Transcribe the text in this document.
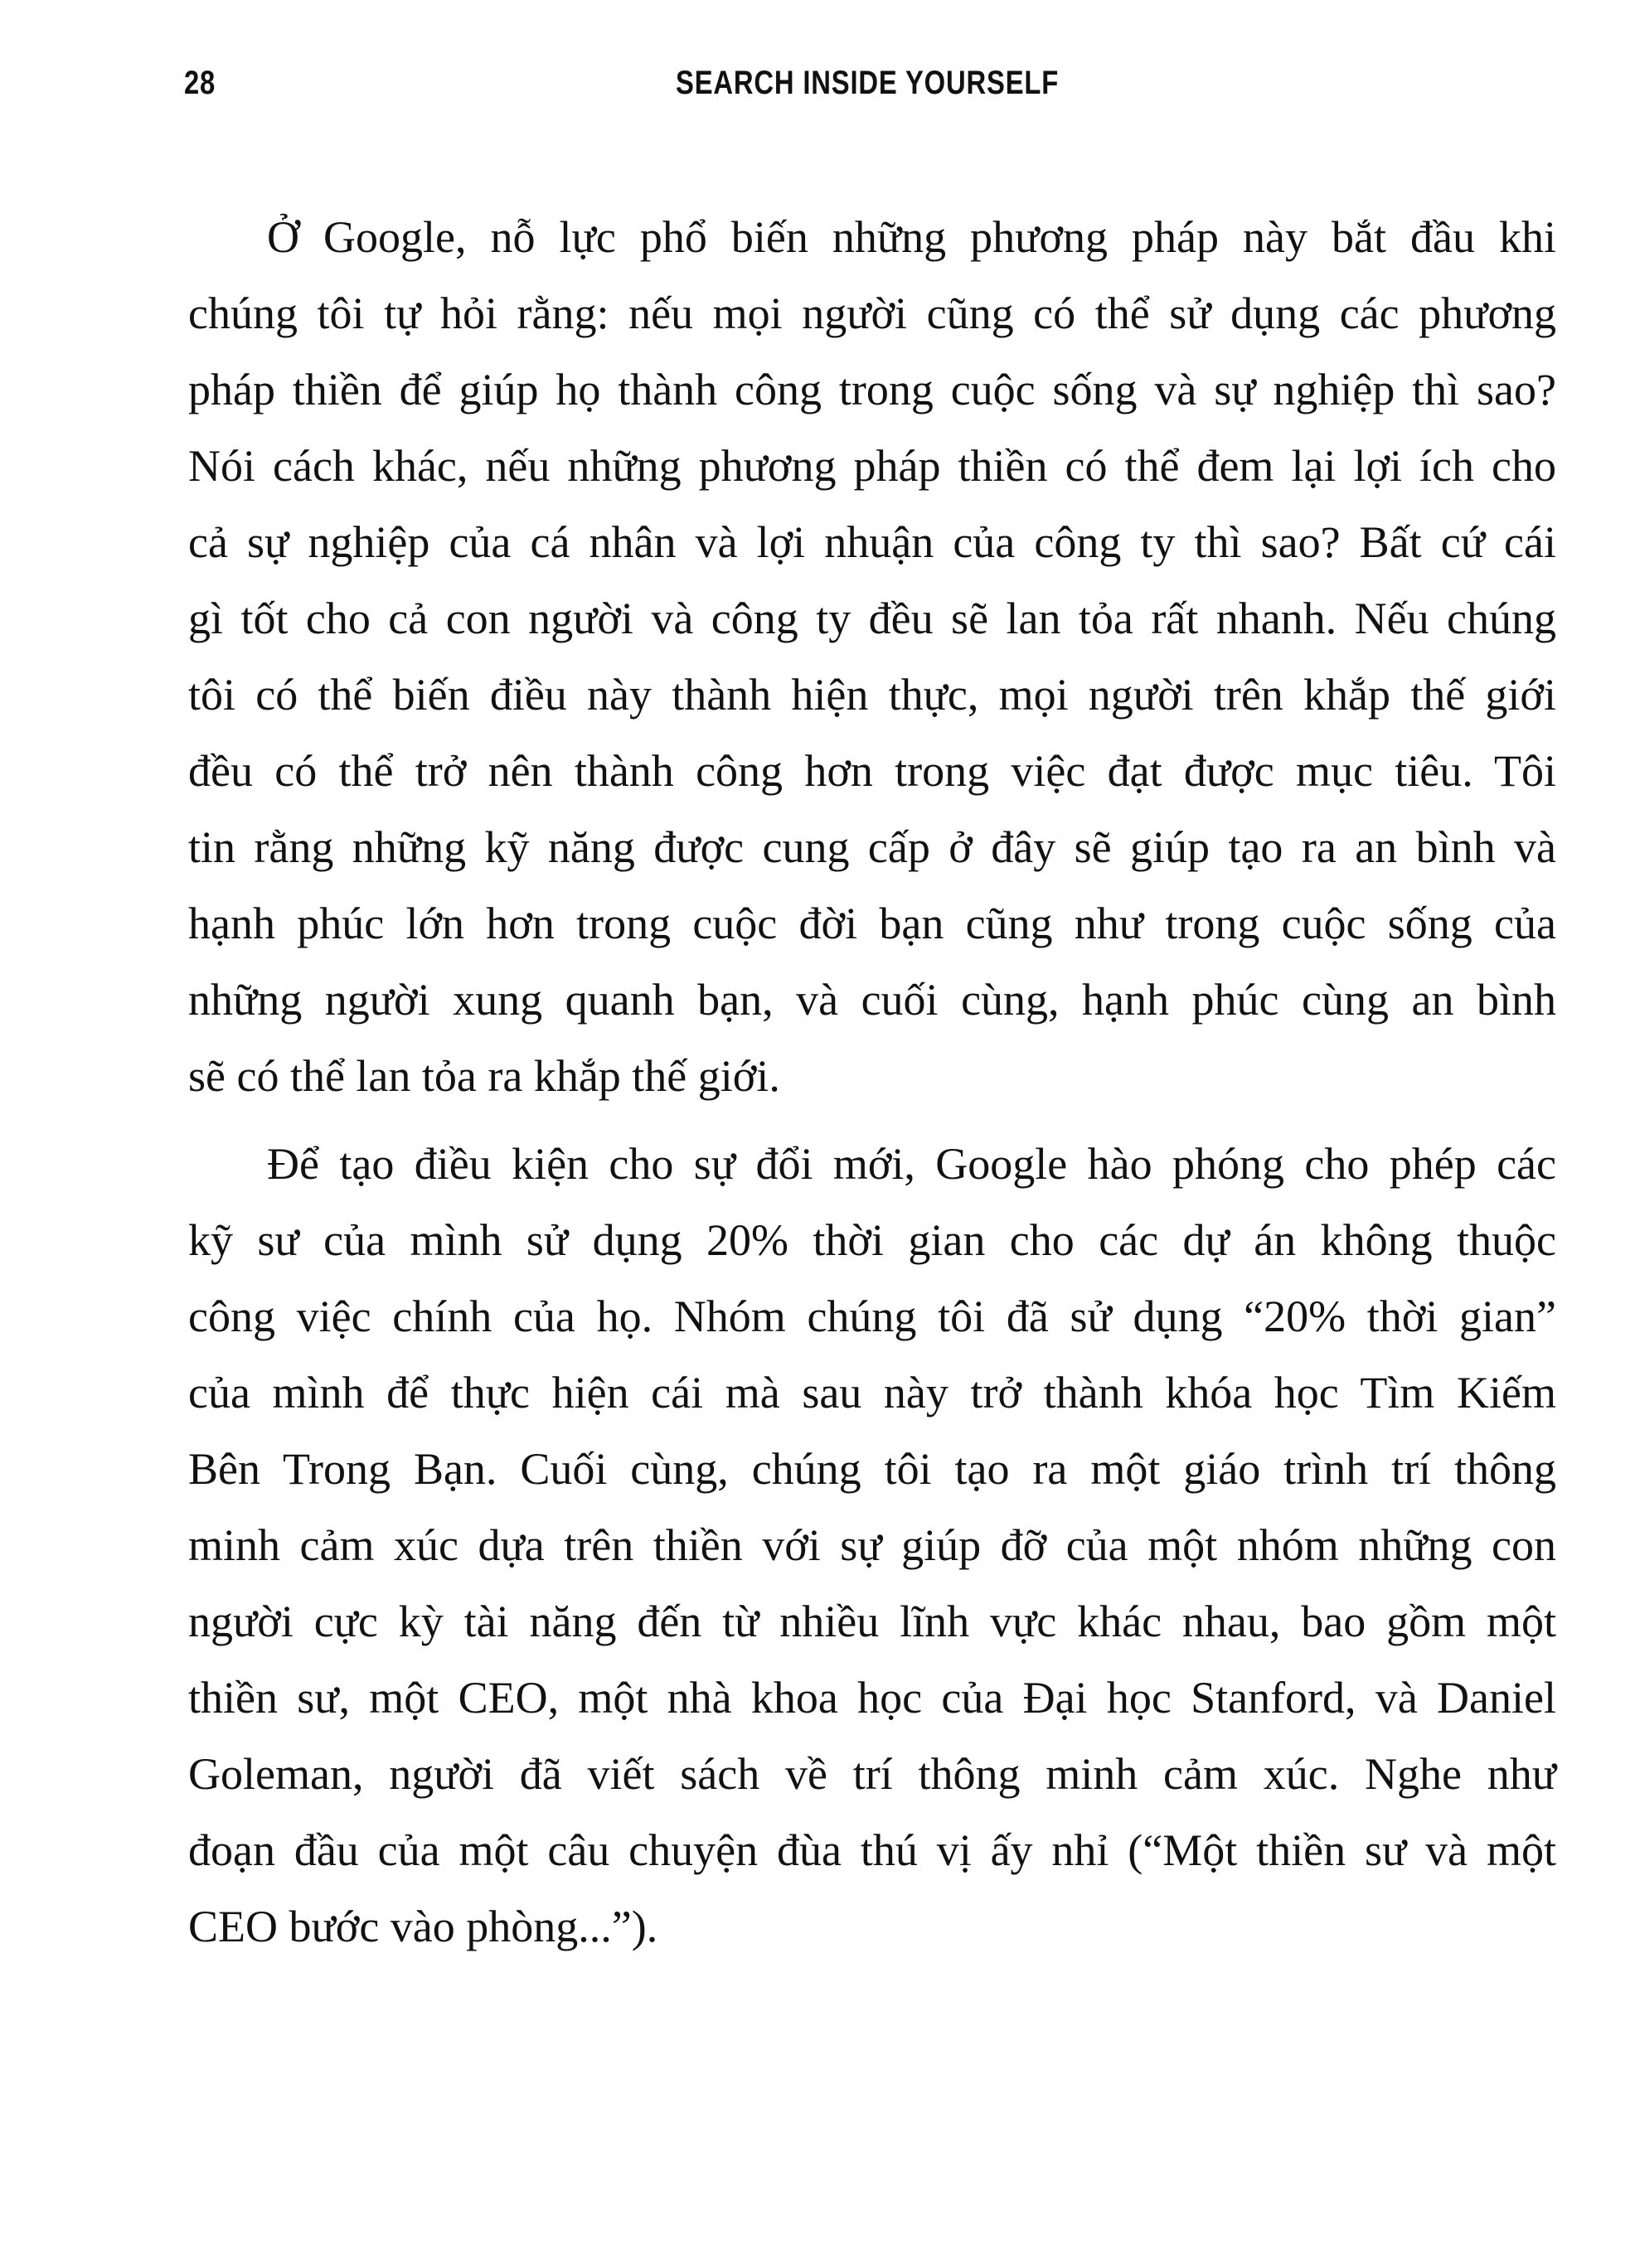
28	SEARCH INSIDE YOURSELF
Ở Google, nỗ lực phổ biến những phương pháp này bắt đầu khi
chúng tôi tự hỏi rằng: nếu mọi người cũng có thể sử dụng các phương
pháp thiền để giúp họ thành công trong cuộc sống và sự nghiệp thì sao?
Nói cách khác, nếu những phương pháp thiền có thể đem lại lợi ích cho
cả sự nghiệp của cá nhân và lợi nhuận của công ty thì sao? Bất cứ cái
gì tốt cho cả con người và công ty đều sẽ lan tỏa rất nhanh. Nếu chúng
tôi có thể biến điều này thành hiện thực, mọi người trên khắp thế giới
đều có thể trở nên thành công hơn trong việc đạt được mục tiêu. Tôi
tin rằng những kỹ năng được cung cấp ở đây sẽ giúp tạo ra an bình và
hạnh phúc lớn hơn trong cuộc đời bạn cũng như trong cuộc sống của
những người xung quanh bạn, và cuối cùng, hạnh phúc cùng an bình
sẽ có thể lan tỏa ra khắp thế giới.
Để tạo điều kiện cho sự đổi mới, Google hào phóng cho phép các
kỹ sư của mình sử dụng 20% thời gian cho các dự án không thuộc
công việc chính của họ. Nhóm chúng tôi đã sử dụng “20% thời gian”
của mình để thực hiện cái mà sau này trở thành khóa học Tìm Kiếm
Bên Trong Bạn. Cuối cùng, chúng tôi tạo ra một giáo trình trí thông
minh cảm xúc dựa trên thiền với sự giúp đỡ của một nhóm những con
người cực kỳ tài năng đến từ nhiều lĩnh vực khác nhau, bao gồm một
thiền sư, một CEO, một nhà khoa học của Đại học Stanford, và Daniel
Goleman, người đã viết sách về trí thông minh cảm xúc. Nghe như
đoạn đầu của một câu chuyện đùa thú vị ấy nhỉ (“Một thiền sư và một
CEO bước vào phòng...”).
